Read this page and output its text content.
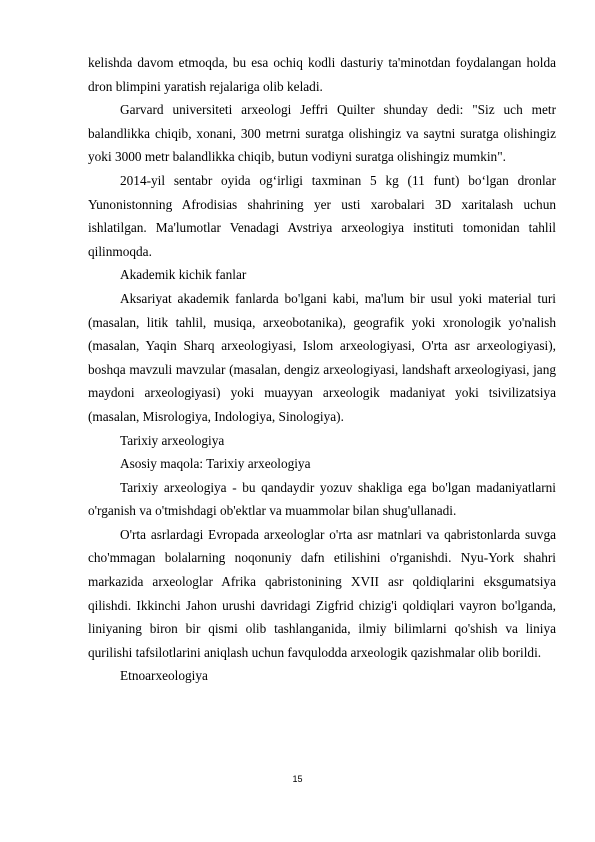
kelishda davom etmoqda, bu esa ochiq kodli dasturiy ta'minotdan foydalangan holda dron blimpini yaratish rejalariga olib keladi.

Garvard universiteti arxeologi Jeffri Quilter shunday dedi: "Siz uch metr balandlikka chiqib, xonani, 300 metrni suratga olishingiz va saytni suratga olishingiz yoki 3000 metr balandlikka chiqib, butun vodiyni suratga olishingiz mumkin".

2014-yil sentabr oyida og‘irligi taxminan 5 kg (11 funt) bo‘lgan dronlar Yunonistonning Afrodisias shahrining yer usti xarobalari 3D xaritalash uchun ishlatilgan. Ma'lumotlar Venadagi Avstriya arxeologiya instituti tomonidan tahlil qilinmoqda.

Akademik kichik fanlar

Aksariyat akademik fanlarda bo'lgani kabi, ma'lum bir usul yoki material turi (masalan, litik tahlil, musiqa, arxeobotanika), geografik yoki xronologik yo'nalish (masalan, Yaqin Sharq arxeologiyasi, Islom arxeologiyasi, O'rta asr arxeologiyasi), boshqa mavzuli mavzular (masalan, dengiz arxeologiyasi, landshaft arxeologiyasi, jang maydoni arxeologiyasi) yoki muayyan arxeologik madaniyat yoki tsivilizatsiya (masalan, Misrologiya, Indologiya, Sinologiya).

Tarixiy arxeologiya

Asosiy maqola: Tarixiy arxeologiya

Tarixiy arxeologiya - bu qandaydir yozuv shakliga ega bo'lgan madaniyatlarni o'rganish va o'tmishdagi ob'ektlar va muammolar bilan shug'ullanadi.

O'rta asrlardagi Evropada arxeologlar o'rta asr matnlari va qabristonlarda suvga cho'mmagan bolalarning noqonuniy dafn etilishini o'rganishdi. Nyu-York shahri markazida arxeologlar Afrika qabristonining XVII asr qoldiqlarini eksgumatsiya qilishdi. Ikkinchi Jahon urushi davridagi Zigfrid chizig'i qoldiqlari vayron bo'lganda, liniyaning biron bir qismi olib tashlanganida, ilmiy bilimlarni qo'shish va liniya qurilishi tafsilotlarini aniqlash uchun favqulodda arxeologik qazishmalar olib borildi.

Etnoarxeologiya

15
